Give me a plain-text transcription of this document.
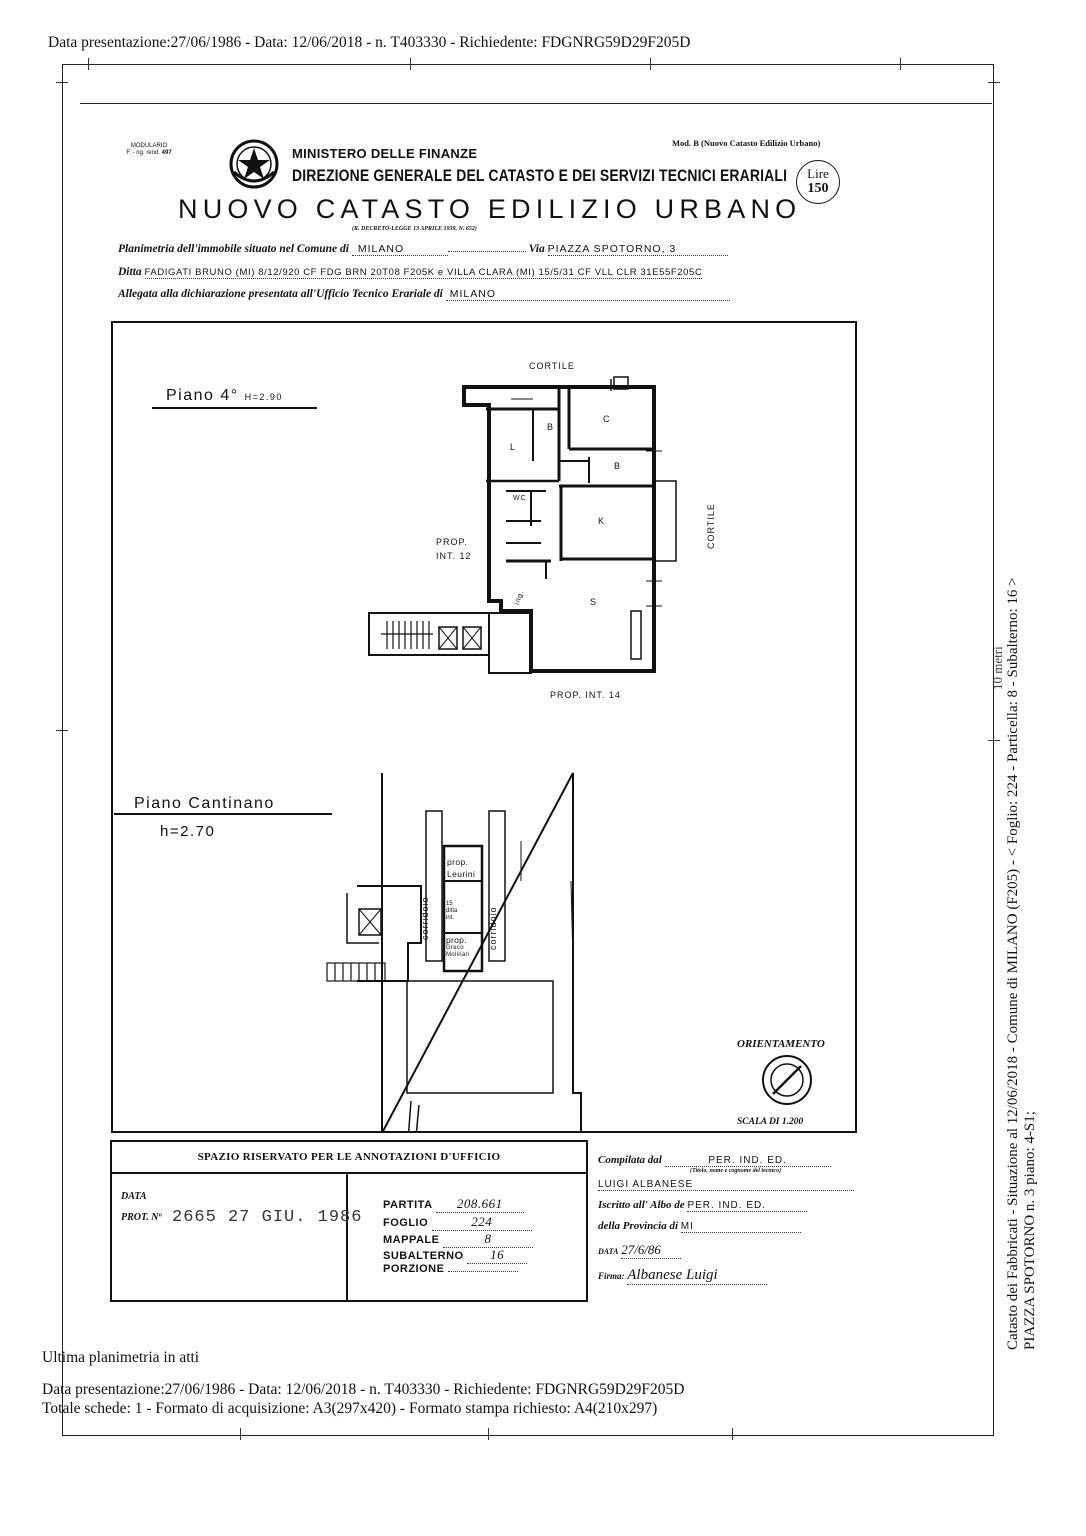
Data presentazione:27/06/1986 - Data: 12/06/2018 - n. T403330 - Richiedente: FDGNRG59D29F205D
MODULARIO
F. - rig. rend. 497	MINISTERO DELLE FINANZE
DIREZIONE GENERALE DEL CATASTO E DEI SERVIZI TECNICI ERARIALI
Mod. B (Nuovo Catasto Edilizio Urbano)
Lire
150
NUOVO CATASTO EDILIZIO URBANO
(R. DECRETO-LEGGE 13 APRILE 1939, N. 652)
Planimetria dell'immobile situato nel Comune di MILANO	Via PIAZZA SPOTORNO, 3
Ditta FADIGATI BRUNO (MI) 8/12/920 CF FDG BRN 20T08 F205K e VILLA CLARA (MI) 15/5/31 CF VLL CLR 31E55F205C
Allegata alla dichiarazione presentata all'Ufficio Tecnico Erariale di MILANO
Piano 4° H=2.90
CORTILE
CORTILE
PROP.
INT. 12
PROP. INT. 14
L
B
C
B
WC
K
S
ing.
Piano Cantinano
h=2.70
corridoio	corridoio
prop.
Leurini
15
ditta
int.
prop.
Greco
Molinari
ORIENTAMENTO
SCALA DI 1.200
SPAZIO RISERVATO PER LE ANNOTAZIONI D'UFFICIO
DATA
PROT. Nº 2665 27 GIU. 1986
PARTITA 208.661
FOGLIO	224
MAPPALE	8
SUBALTERNO 16
PORZIONE
Compilata dal	PER. IND. ED.
(Titolo, nome e cognome del tecnico)
LUIGI ALBANESE
Iscritto all' Albo de PER. IND. ED.
della Provincia di MI
DATA 27/6/86
Firma: Albanese Luigi
10 metri Catasto dei Fabbricati - Situazione al 12/06/2018 - Comune di MILANO (F205) - < Foglio: 224 - Particella: 8 - Subalterno: 16 > PIAZZA SPOTORNO n. 3 piano: 4-S1;
Ultima planimetria in atti
Data presentazione:27/06/1986 - Data: 12/06/2018 - n. T403330 - Richiedente: FDGNRG59D29F205D
Totale schede: 1 - Formato di acquisizione: A3(297x420) - Formato stampa richiesto: A4(210x297)
